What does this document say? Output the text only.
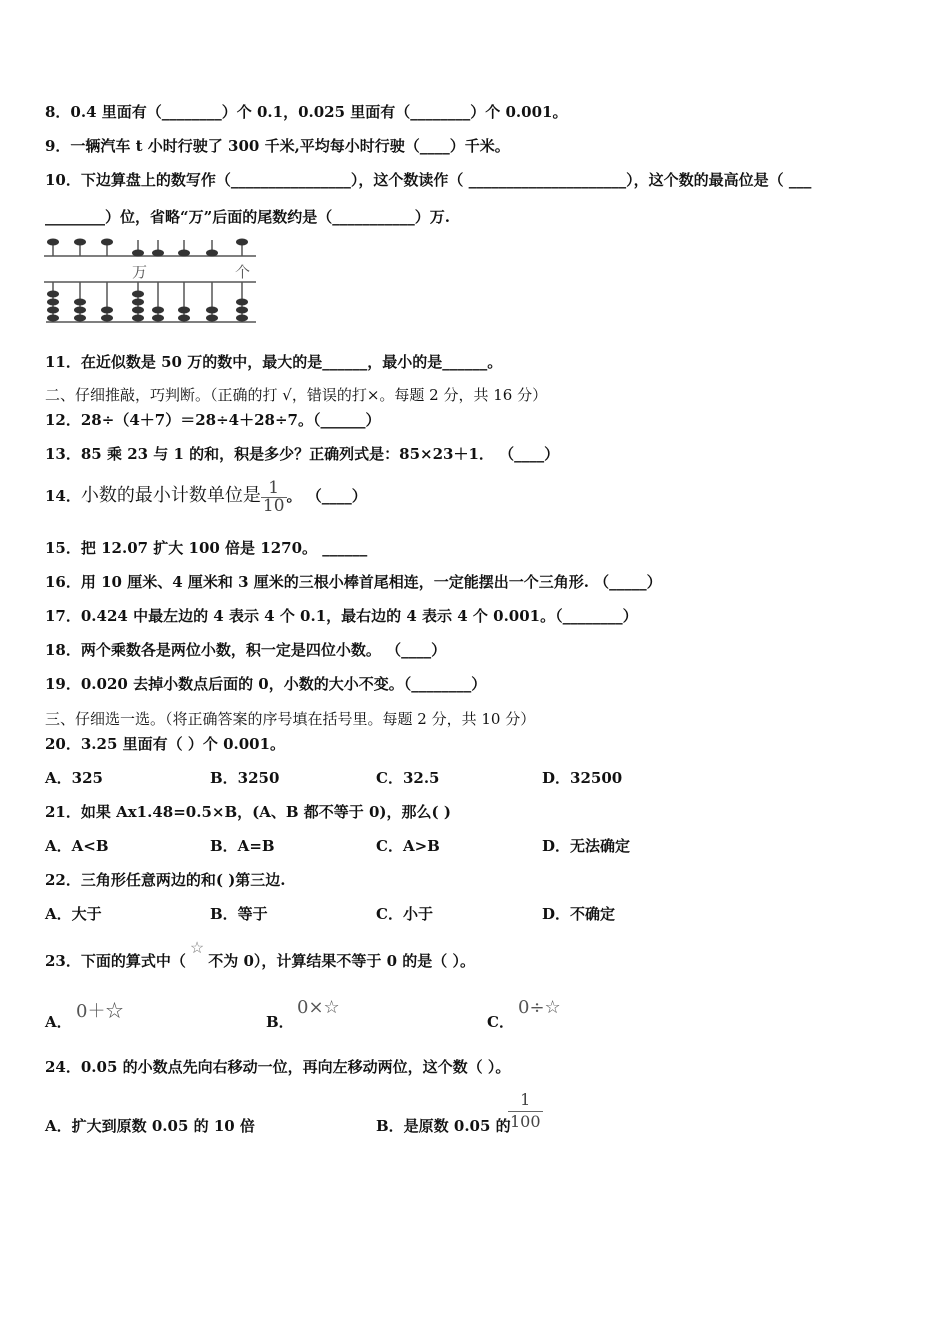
8．0.4 里面有（________）个 0.1，0.025 里面有（________）个 0.001。
9．一辆汽车 t 小时行驶了 300 千米,平均每小时行驶（____）千米。
10．下边算盘上的数写作（________________），这个数读作（ _____________________），这个数的最高位是（ ___
________）位，省略“万”后面的尾数约是（___________）万.
万	个
11．在近似数是 50 万的数中，最大的是______，最小的是______。
二、仔细推敲，巧判断。（正确的打 √，错误的打×。每题 2 分，共 16 分）
12．28÷（4＋7）＝28÷4＋28÷7。（______）
13．85 乘 23 与 1 的和，积是多少？正确列式是：85×23＋1． （____）
14．小数的最小计数单位是 $\frac{1}{10}$ 。 （____）
15．把 12.07 扩大 100 倍是 1270。 ______
16．用 10 厘米、4 厘米和 3 厘米的三根小棒首尾相连，一定能摆出一个三角形. （_____）
17．0.424 中最左边的 4 表示 4 个 0.1，最右边的 4 表示 4 个 0.001。（________）
18．两个乘数各是两位小数，积一定是四位小数。 （____）
19．0.020 去掉小数点后面的 0，小数的大小不变。（________）
三、仔细选一选。（将正确答案的序号填在括号里。每题 2 分，共 10 分）
20．3.25 里面有（ ）个 0.001。
A．325	B．3250	C．32.5	D．32500
21．如果 Ax1.48=0.5×B，(A、B 都不等于 0)，那么( )
A．A<B	B．A=B	C．A>B	D．无法确定
22．三角形任意两边的和( )第三边.
A．大于	B．等于	C．小于	D．不确定
23．下面的算式中（☆不为 0），计算结果不等于 0 的是（ ）。
A． 0＋☆	B．
0×☆
C．
0÷☆
24．0.05 的小数点先向右移动一位，再向左移动两位，这个数（ ）。
A．扩大到原数 0.05 的 10 倍	B．是原数 0.05 的
$\frac{1}{100}$
